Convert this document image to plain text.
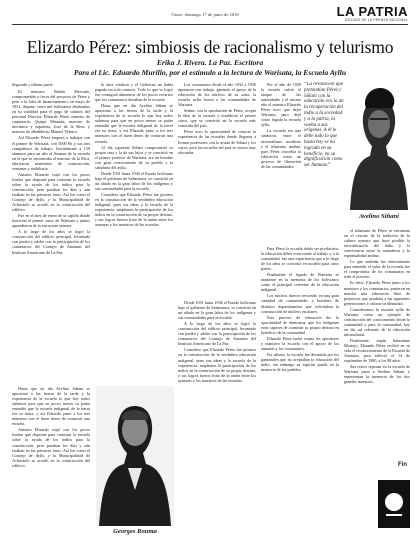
Oruro, domingo 17 de junio de 2018	LA PATRIA
DECANO DE LA PRENSA NACIONAL
Elizardo Pérez: simbiosis de racionalismo y telurismo
Erika J. Rivera. La Paz. Escritora
Para el Lic. Eduardo Murillo, por el estímulo a la lectura de Warisata, la Escuela Ayllu

Segunda y última parte

El ministro Bailón Mercado, comprometido a favor del proyecto de Pérez y pese a la falta de financiamiento, en mayo de 1931, dispuso cinco mil bolivianos destinados en su totalidad para el pago de salarios del personal Director, Elizardo Pérez; maestro de carpintería, Quispe Miranda; maestro de mecánica y zapatería, José de la Riva; y maestro de albañilería, Manuel Velasco.

Así Elizardo Pérez empezó a trabajar con el primer de Warisata, con 5000 Bs y sus tres compañeros de trabajo. Inicialmente a 150 alumnos para un año el Amauta de la escuela en la que se encontraba el maestro de la Riva, fabricaron materiales de construcción, ventanas y mobiliario.

Antonio Elizardo viajó con los pocos fondos que disponía para construir la escuela sobre la ayuda de los indios para la construcción, pero pasaban los días y aún estaban en las primeras fases. Así fue como el Consejo de Ayllu y la Municipalidad de Achacachi se acordó en la construcción del edificio.

Fue en el mes de enero de la capilla donde funcionó el primer curso de Warisata y juntos aprendieron de la estructura aymara.

A lo largo de los años se logró la construcción del edificio principal, levantado con piedra y adobe con la participación de los comunarios del Consejo de Amautas del Instituto Americano de La Paz.

la obra vitalicia y el Gobierno no había pagado un solo centavo. Todo lo que se logró fue consiguió alimentos de los pocos recursos que los comunarios donaban de la escuela.

Hasta que en día Avelino Siñani se aproximó a las tierras de la tarde y la experiencia de la escuela lo que hoy todos sabemos para que en pocos meses su padre entendió que la escuela indigenal de la tierra era su tierra, y así Elizardo junto a los tres maestros con el buen deseo de construir una escuela.

Al día siguiente Siñani comprometió su propia casa y la de sus hijos y se convirtió en el primer profesor de Warisata, era un hombre con gran conocimiento de su pueblo y la sabiduría del ayllu.

Desde 1931 hasta 1936 el Estado boliviano bajo el gobierno de Salamanca, se convirtió en un aliado en la gran labor de los indígenas y sus comunidades para la escuela.

Considero que Elizardo Pérez fue pionero en la construcción de la verdadera educación indigenal, pues sus ideas y la escuela de la experiencia, ampliaron la participación de los indios en la construcción de su propio destino, y sus logros fueron fruto de la unión entre los aymaras y los maestros de las escuelas.

Los comunarios desde el año 1932 a 1936 aportaron con trabajo, ganando el apoyo de la educación de los núcleos de su zona, la escuela ayllu formó a las comunidades de Warisata.

Siñani, con la aprobación de Pérez, aceptó la idea de la escuela y estableció el primer curso, que se convirtió en la escuela más conocida del país.

Pérez tuvo la oportunidad de conocer la experiencia de las escuelas donde llegaron a formar profesores con la ayuda de Siñani y los suyos, pero las escuelas del país se vieron muy afectadas.

Por el año de 1939 la escuela sufrió el ataque de las autoridades y el mismo año el maestro Elizardo Pérez tuvo que dejar Warisata, pero dejó como legado la escuela ayllu.

La escuela era una simbiosis entre el racionalismo moderno y el telurismo andino, pues Pérez concebía la educación como un proceso de liberación de las comunidades.

“La revolución que pretendían Pérez y Siñani con la educación era la de la recuperación del indio a la sociedad y a la patria, la vuelta a sus orígenes. A él le debe todo lo que hasta hoy se ha logrado en su beneficio, en su dignificación como ser humano”
Avelino Siñani

Para Pérez la escuela debía ser productiva, la educación debía estar unida al trabajo y a la comunidad, fue una experiencia que a lo largo de los años se convirtió en modelo para otros países.

Finalmente el legado de Warisata se mantiene en la memoria de los bolivianos como el principal referente de la educación indigenal.

Los núcleos fueron creciendo en una gran cantidad de comunidades y hombres de distintos departamentos que solicitaban la construcción de núcleos escolares.

Este proceso de educación dio la oportunidad de demostrar que los indígenas eran capaces de construir su propio destino en beneficio de la comunidad.

Elizardo Pérez luchó contra los opositores y mantuvo la escuela con el apoyo de los amautas y los comunarios.

Por último, la escuela fue destruida por los gamonales que no aceptaban la educación del indio, sin embargo su espíritu quedó en la memoria de los pueblos.

el telurismo de Pérez se encuentra en el rescate de la tradición de la cultura aymara que hace posible la reivindicación del indio y la convivencia entre la naturaleza y la espiritualidad andina.

Lo que también fue determinante para entender el valor de la escuela fue el compromiso de los comunarios en todo el proceso.

Es decir, Elizardo Pérez junto a los maestros y los comunarios, pusieron en marcha una educación libre de prejuicios que ayudaría a las siguientes generaciones a valorar su identidad.

Consideramos la escuela ayllu de Warisata como un ejemplo de construcción del conocimiento desde la comunidad y para la comunidad, hoy en día un referente de la educación intracultural.

Finalmente, según Salustiano Mostajo, Elizardo Pérez recibió en su vida el reconocimiento de la Escuela de Amautas, pero falleció el 14 de septiembre de 1980, a los 88 años.

Sus restos reposan en la escuela de Warisata junto a Avelino Siñani, y representan la memoria de los dos grandes maestros.

Georges Rouma

Desde 1931 hasta 1936 el Estado boliviano bajo el gobierno de Salamanca, se convirtió en un aliado en la gran labor de los indígenas y sus comunidades para la escuela.

A lo largo de los años se logró la construcción del edificio principal, levantado con piedra y adobe con la participación de los comunarios del Consejo de Amautas del Instituto Americano de La Paz.

Considero que Elizardo Pérez fue pionero en la construcción de la verdadera educación indigenal, pues sus ideas y la escuela de la experiencia, ampliaron la participación de los indios en la construcción de su propio destino, y sus logros fueron fruto de la unión entre los aymaras y los maestros de las escuelas.

Hasta que en día Avelino Siñani se aproximó a las tierras de la tarde y la experiencia de la escuela lo que hoy todos sabemos para que en pocos meses su padre entendió que la escuela indigenal de la tierra era su tierra, y así Elizardo junto a los tres maestros con el buen deseo de construir una escuela.

Antonio Elizardo viajó con los pocos fondos que disponía para construir la escuela sobre la ayuda de los indios para la construcción, pero pasaban los días y aún estaban en las primeras fases. Así fue como el Consejo de Ayllu y la Municipalidad de Achacachi se acordó en la construcción del edificio.	Fin
